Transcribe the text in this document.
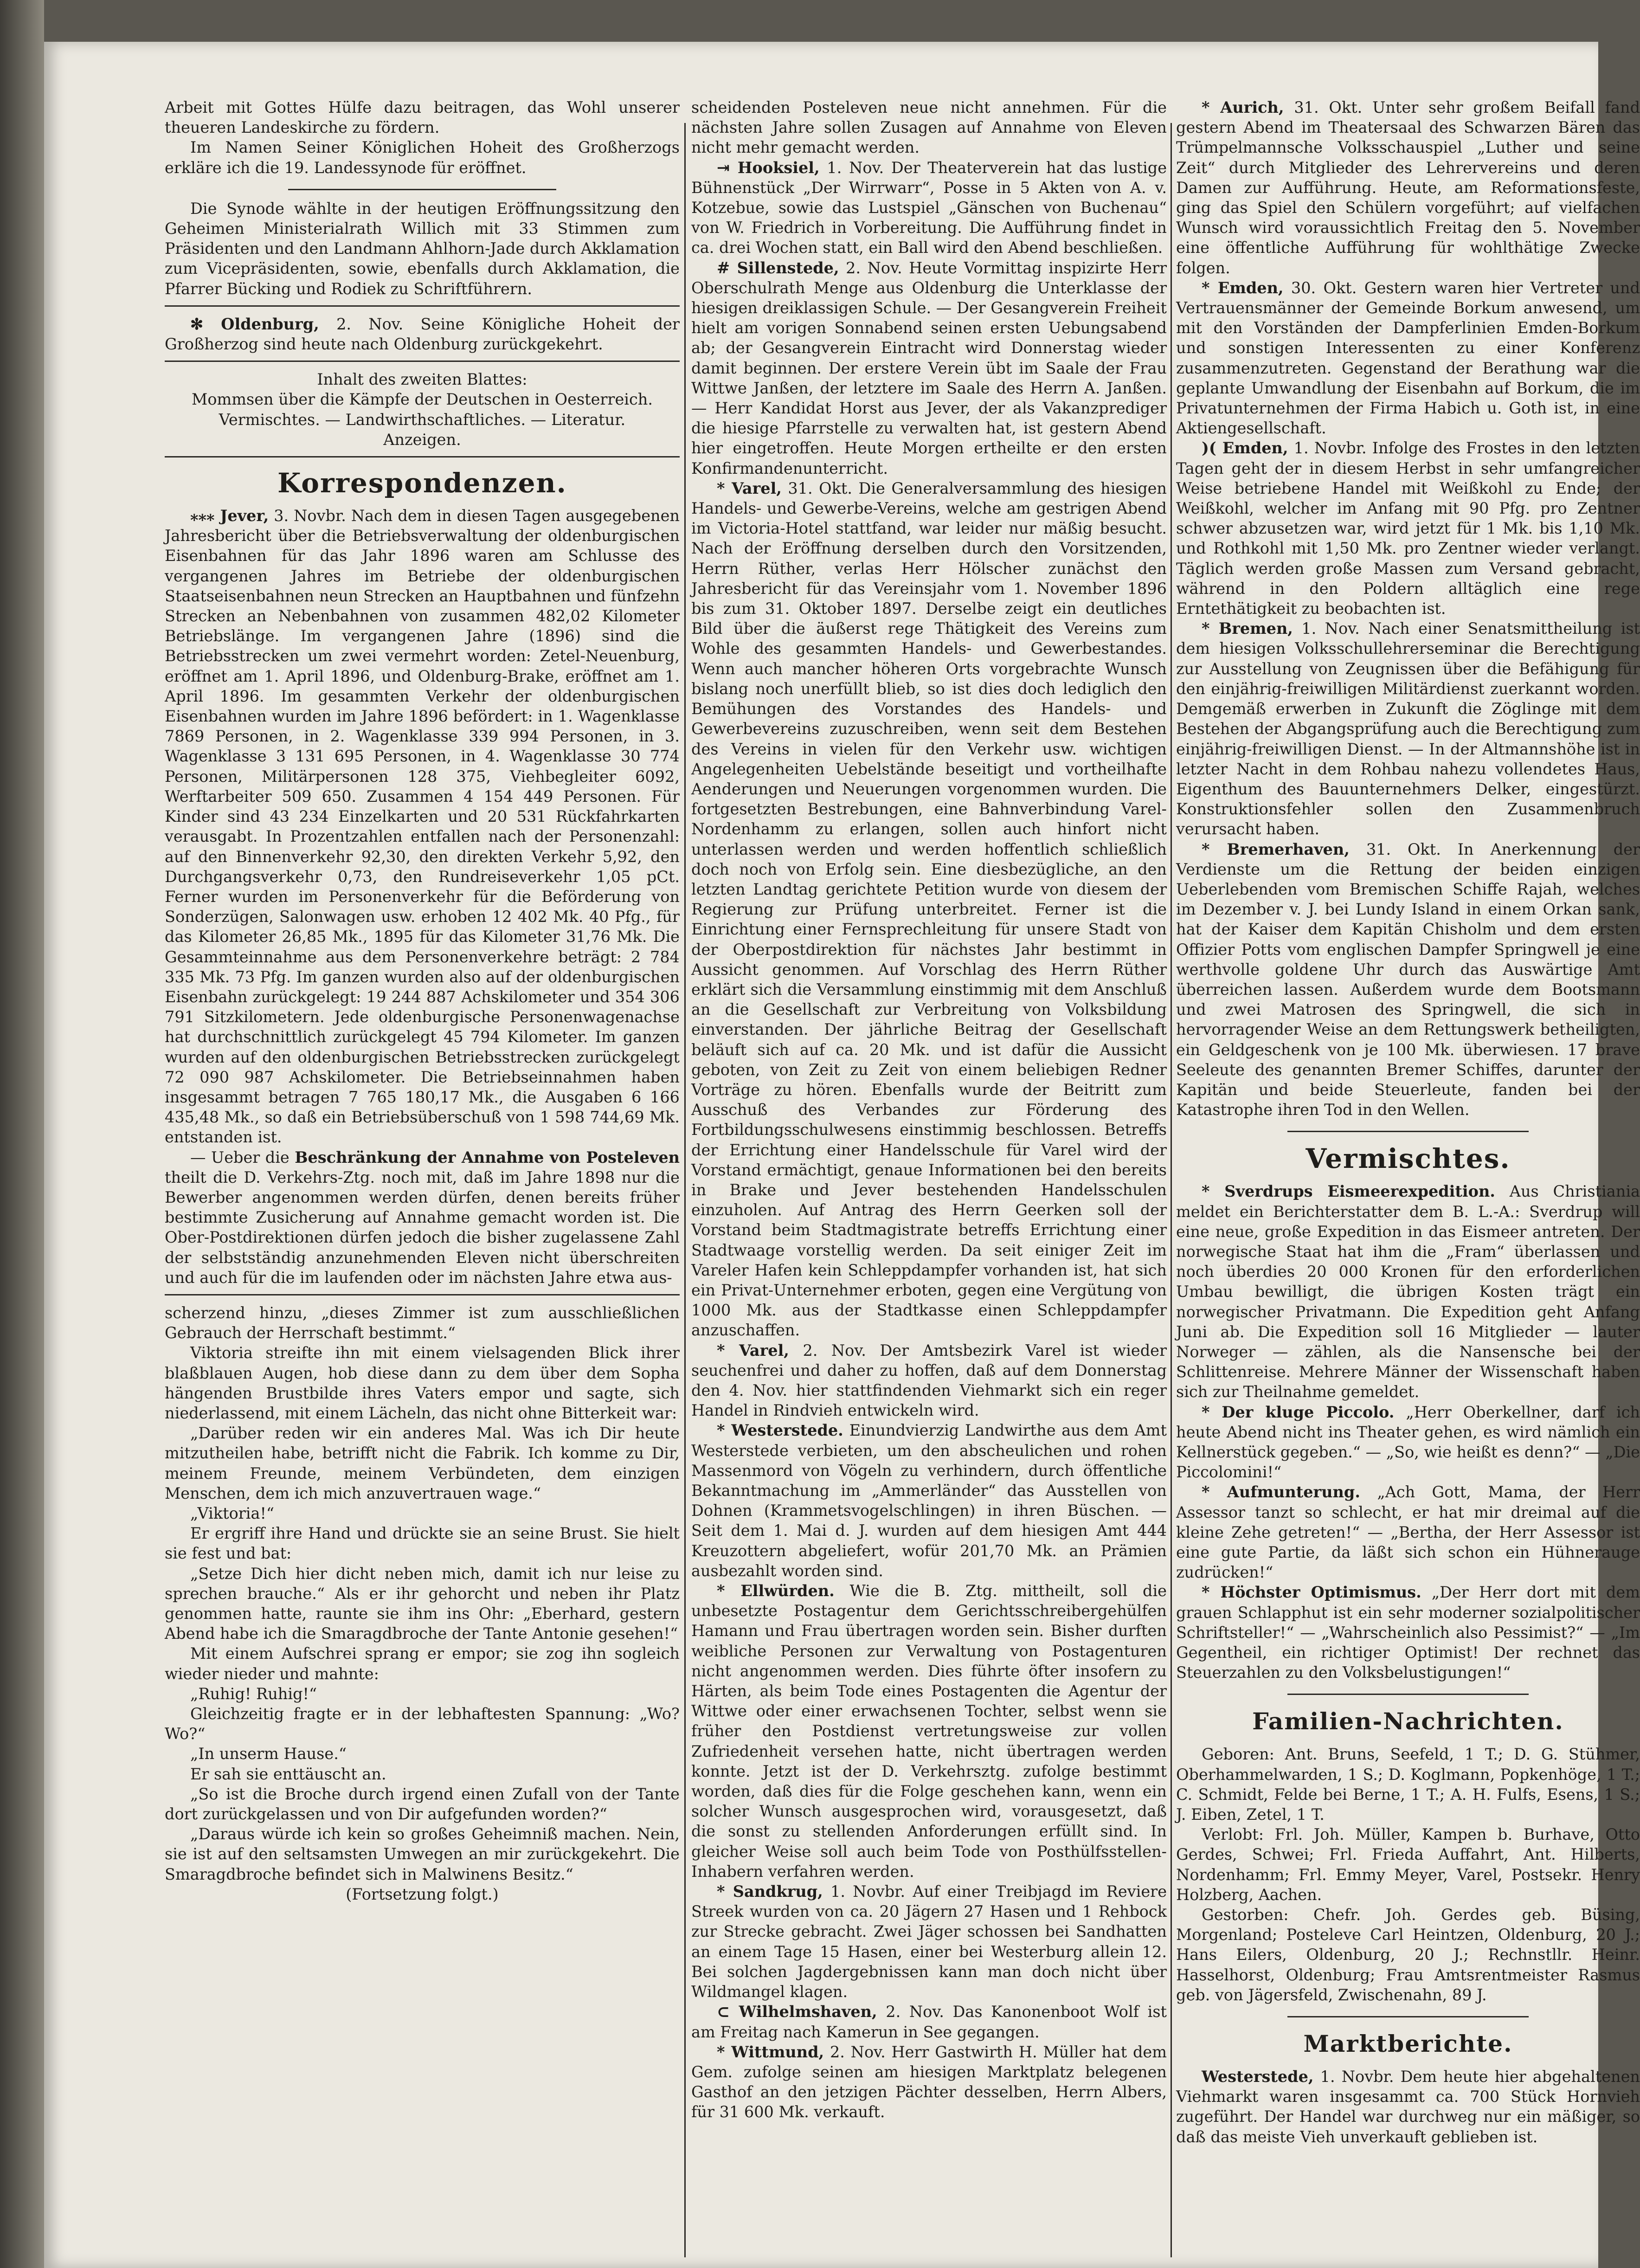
Arbeit mit Gottes Hülfe dazu beitragen, das Wohl unserer theueren Landeskirche zu fördern.

Im Namen Seiner Königlichen Hoheit des Großherzogs erkläre ich die 19. Landessynode für eröffnet.

Die Synode wählte in der heutigen Eröffnungssitzung den Geheimen Ministerialrath Willich mit 33 Stimmen zum Präsidenten und den Landmann Ahlhorn-Jade durch Akklamation zum Vicepräsidenten, sowie, ebenfalls durch Akklamation, die Pfarrer Bücking und Rodiek zu Schriftführern.

✻ Oldenburg, 2. Nov. Seine Königliche Hoheit der Großherzog sind heute nach Oldenburg zurückgekehrt.

Inhalt des zweiten Blattes:

Mommsen über die Kämpfe der Deutschen in Oesterreich.

Vermischtes. — Landwirthschaftliches. — Literatur.

Anzeigen.

Korrespondenzen.

⁎⁎⁎ Jever, 3. Novbr. Nach dem in diesen Tagen ausgegebenen Jahresbericht über die Betriebsverwaltung der oldenburgischen Eisenbahnen für das Jahr 1896 waren am Schlusse des vergangenen Jahres im Betriebe der oldenburgischen Staatseisenbahnen neun Strecken an Hauptbahnen und fünfzehn Strecken an Nebenbahnen von zusammen 482,02 Kilometer Betriebslänge. Im vergangenen Jahre (1896) sind die Betriebsstrecken um zwei vermehrt worden: Zetel-Neuenburg, eröffnet am 1. April 1896, und Oldenburg-Brake, eröffnet am 1. April 1896. Im gesammten Verkehr der oldenburgischen Eisenbahnen wurden im Jahre 1896 befördert: in 1. Wagenklasse 7869 Personen, in 2. Wagenklasse 339 994 Personen, in 3. Wagenklasse 3 131 695 Personen, in 4. Wagenklasse 30 774 Personen, Militärpersonen 128 375, Viehbegleiter 6092, Werftarbeiter 509 650. Zusammen 4 154 449 Personen. Für Kinder sind 43 234 Einzelkarten und 20 531 Rückfahrkarten verausgabt. In Prozentzahlen entfallen nach der Personenzahl: auf den Binnenverkehr 92,30, den direkten Verkehr 5,92, den Durchgangsverkehr 0,73, den Rundreiseverkehr 1,05 pCt. Ferner wurden im Personenverkehr für die Beförderung von Sonderzügen, Salonwagen usw. erhoben 12 402 Mk. 40 Pfg., für das Kilometer 26,85 Mk., 1895 für das Kilometer 31,76 Mk. Die Gesammteinnahme aus dem Personenverkehre beträgt: 2 784 335 Mk. 73 Pfg. Im ganzen wurden also auf der oldenburgischen Eisenbahn zurückgelegt: 19 244 887 Achskilometer und 354 306 791 Sitzkilometern. Jede oldenburgische Personenwagenachse hat durchschnittlich zurückgelegt 45 794 Kilometer. Im ganzen wurden auf den oldenburgischen Betriebsstrecken zurückgelegt 72 090 987 Achskilometer. Die Betriebseinnahmen haben insgesammt betragen 7 765 180,17 Mk., die Ausgaben 6 166 435,48 Mk., so daß ein Betriebsüberschuß von 1 598 744,69 Mk. entstanden ist.

— Ueber die Beschränkung der Annahme von Posteleven theilt die D. Verkehrs-Ztg. noch mit, daß im Jahre 1898 nur die Bewerber angenommen werden dürfen, denen bereits früher bestimmte Zusicherung auf Annahme gemacht worden ist. Die Ober-Postdirektionen dürfen jedoch die bisher zugelassene Zahl der selbstständig anzunehmenden Eleven nicht überschreiten und auch für die im laufenden oder im nächsten Jahre etwa aus-

scherzend hinzu, „dieses Zimmer ist zum ausschließlichen Gebrauch der Herrschaft bestimmt.“

Viktoria streifte ihn mit einem vielsagenden Blick ihrer blaßblauen Augen, hob diese dann zu dem über dem Sopha hängenden Brustbilde ihres Vaters empor und sagte, sich niederlassend, mit einem Lächeln, das nicht ohne Bitterkeit war:

„Darüber reden wir ein anderes Mal. Was ich Dir heute mitzutheilen habe, betrifft nicht die Fabrik. Ich komme zu Dir, meinem Freunde, meinem Verbündeten, dem einzigen Menschen, dem ich mich anzuvertrauen wage.“

„Viktoria!“

Er ergriff ihre Hand und drückte sie an seine Brust. Sie hielt sie fest und bat:

„Setze Dich hier dicht neben mich, damit ich nur leise zu sprechen brauche.“ Als er ihr gehorcht und neben ihr Platz genommen hatte, raunte sie ihm ins Ohr: „Eberhard, gestern Abend habe ich die Smaragdbroche der Tante Antonie gesehen!“

Mit einem Aufschrei sprang er empor; sie zog ihn sogleich wieder nieder und mahnte:

„Ruhig! Ruhig!“

Gleichzeitig fragte er in der lebhaftesten Spannung: „Wo? Wo?“

„In unserm Hause.“

Er sah sie enttäuscht an.

„So ist die Broche durch irgend einen Zufall von der Tante dort zurückgelassen und von Dir aufgefunden worden?“

„Daraus würde ich kein so großes Geheimniß machen. Nein, sie ist auf den seltsamsten Umwegen an mir zurückgekehrt. Die Smaragdbroche befindet sich in Malwinens Besitz.“

(Fortsetzung folgt.)

scheidenden Posteleven neue nicht annehmen. Für die nächsten Jahre sollen Zusagen auf Annahme von Eleven nicht mehr gemacht werden.

⇥ Hooksiel, 1. Nov. Der Theaterverein hat das lustige Bühnenstück „Der Wirrwarr“, Posse in 5 Akten von A. v. Kotzebue, sowie das Lustspiel „Gänschen von Buchenau“ von W. Friedrich in Vorbereitung. Die Aufführung findet in ca. drei Wochen statt, ein Ball wird den Abend beschließen.

# Sillenstede, 2. Nov. Heute Vormittag inspizirte Herr Oberschulrath Menge aus Oldenburg die Unterklasse der hiesigen dreiklassigen Schule. — Der Gesangverein Freiheit hielt am vorigen Sonnabend seinen ersten Uebungsabend ab; der Gesangverein Eintracht wird Donnerstag wieder damit beginnen. Der erstere Verein übt im Saale der Frau Wittwe Janßen, der letztere im Saale des Herrn A. Janßen. — Herr Kandidat Horst aus Jever, der als Vakanzprediger die hiesige Pfarrstelle zu verwalten hat, ist gestern Abend hier eingetroffen. Heute Morgen ertheilte er den ersten Konfirmandenunterricht.

* Varel, 31. Okt. Die Generalversammlung des hiesigen Handels- und Gewerbe-Vereins, welche am gestrigen Abend im Victoria-Hotel stattfand, war leider nur mäßig besucht. Nach der Eröffnung derselben durch den Vorsitzenden, Herrn Rüther, verlas Herr Hölscher zunächst den Jahresbericht für das Vereinsjahr vom 1. November 1896 bis zum 31. Oktober 1897. Derselbe zeigt ein deutliches Bild über die äußerst rege Thätigkeit des Vereins zum Wohle des gesammten Handels- und Gewerbestandes. Wenn auch mancher höheren Orts vorgebrachte Wunsch bislang noch unerfüllt blieb, so ist dies doch lediglich den Bemühungen des Vorstandes des Handels- und Gewerbevereins zuzuschreiben, wenn seit dem Bestehen des Vereins in vielen für den Verkehr usw. wichtigen Angelegenheiten Uebelstände beseitigt und vortheilhafte Aenderungen und Neuerungen vorgenommen wurden. Die fortgesetzten Bestrebungen, eine Bahnverbindung Varel-Nordenhamm zu erlangen, sollen auch hinfort nicht unterlassen werden und werden hoffentlich schließlich doch noch von Erfolg sein. Eine diesbezügliche, an den letzten Landtag gerichtete Petition wurde von diesem der Regierung zur Prüfung unterbreitet. Ferner ist die Einrichtung einer Fernsprechleitung für unsere Stadt von der Oberpostdirektion für nächstes Jahr bestimmt in Aussicht genommen. Auf Vorschlag des Herrn Rüther erklärt sich die Versammlung einstimmig mit dem Anschluß an die Gesellschaft zur Verbreitung von Volksbildung einverstanden. Der jährliche Beitrag der Gesellschaft beläuft sich auf ca. 20 Mk. und ist dafür die Aussicht geboten, von Zeit zu Zeit von einem beliebigen Redner Vorträge zu hören. Ebenfalls wurde der Beitritt zum Ausschuß des Verbandes zur Förderung des Fortbildungsschulwesens einstimmig beschlossen. Betreffs der Errichtung einer Handelsschule für Varel wird der Vorstand ermächtigt, genaue Informationen bei den bereits in Brake und Jever bestehenden Handelsschulen einzuholen. Auf Antrag des Herrn Geerken soll der Vorstand beim Stadtmagistrate betreffs Errichtung einer Stadtwaage vorstellig werden. Da seit einiger Zeit im Vareler Hafen kein Schleppdampfer vorhanden ist, hat sich ein Privat-Unternehmer erboten, gegen eine Vergütung von 1000 Mk. aus der Stadtkasse einen Schleppdampfer anzuschaffen.

* Varel, 2. Nov. Der Amtsbezirk Varel ist wieder seuchenfrei und daher zu hoffen, daß auf dem Donnerstag den 4. Nov. hier stattfindenden Viehmarkt sich ein reger Handel in Rindvieh entwickeln wird.

* Westerstede. Einundvierzig Landwirthe aus dem Amt Westerstede verbieten, um den abscheulichen und rohen Massenmord von Vögeln zu verhindern, durch öffentliche Bekanntmachung im „Ammerländer“ das Ausstellen von Dohnen (Krammetsvogelschlingen) in ihren Büschen. — Seit dem 1. Mai d. J. wurden auf dem hiesigen Amt 444 Kreuzottern abgeliefert, wofür 201,70 Mk. an Prämien ausbezahlt worden sind.

* Ellwürden. Wie die B. Ztg. mittheilt, soll die unbesetzte Postagentur dem Gerichtsschreibergehülfen Hamann und Frau übertragen worden sein. Bisher durften weibliche Personen zur Verwaltung von Postagenturen nicht angenommen werden. Dies führte öfter insofern zu Härten, als beim Tode eines Postagenten die Agentur der Wittwe oder einer erwachsenen Tochter, selbst wenn sie früher den Postdienst vertretungsweise zur vollen Zufriedenheit versehen hatte, nicht übertragen werden konnte. Jetzt ist der D. Verkehrsztg. zufolge bestimmt worden, daß dies für die Folge geschehen kann, wenn ein solcher Wunsch ausgesprochen wird, vorausgesetzt, daß die sonst zu stellenden Anforderungen erfüllt sind. In gleicher Weise soll auch beim Tode von Posthülfsstellen-Inhabern verfahren werden.

* Sandkrug, 1. Novbr. Auf einer Treibjagd im Reviere Streek wurden von ca. 20 Jägern 27 Hasen und 1 Rehbock zur Strecke gebracht. Zwei Jäger schossen bei Sandhatten an einem Tage 15 Hasen, einer bei Westerburg allein 12. Bei solchen Jagdergebnissen kann man doch nicht über Wildmangel klagen.

⊂ Wilhelmshaven, 2. Nov. Das Kanonenboot Wolf ist am Freitag nach Kamerun in See gegangen.

* Wittmund, 2. Nov. Herr Gastwirth H. Müller hat dem Gem. zufolge seinen am hiesigen Marktplatz belegenen Gasthof an den jetzigen Pächter desselben, Herrn Albers, für 31 600 Mk. verkauft.

* Aurich, 31. Okt. Unter sehr großem Beifall fand gestern Abend im Theatersaal des Schwarzen Bären das Trümpelmannsche Volksschauspiel „Luther und seine Zeit“ durch Mitglieder des Lehrervereins und deren Damen zur Aufführung. Heute, am Reformationsfeste, ging das Spiel den Schülern vorgeführt; auf vielfachen Wunsch wird voraussichtlich Freitag den 5. November eine öffentliche Aufführung für wohlthätige Zwecke folgen.

* Emden, 30. Okt. Gestern waren hier Vertreter und Vertrauensmänner der Gemeinde Borkum anwesend, um mit den Vorständen der Dampferlinien Emden-Borkum und sonstigen Interessenten zu einer Konferenz zusammenzutreten. Gegenstand der Berathung war die geplante Umwandlung der Eisenbahn auf Borkum, die im Privatunternehmen der Firma Habich u. Goth ist, in eine Aktiengesellschaft.

)( Emden, 1. Novbr. Infolge des Frostes in den letzten Tagen geht der in diesem Herbst in sehr umfangreicher Weise betriebene Handel mit Weißkohl zu Ende; der Weißkohl, welcher im Anfang mit 90 Pfg. pro Zentner schwer abzusetzen war, wird jetzt für 1 Mk. bis 1,10 Mk. und Rothkohl mit 1,50 Mk. pro Zentner wieder verlangt. Täglich werden große Massen zum Versand gebracht, während in den Poldern alltäglich eine rege Erntethätigkeit zu beobachten ist.

* Bremen, 1. Nov. Nach einer Senatsmittheilung ist dem hiesigen Volksschullehrerseminar die Berechtigung zur Ausstellung von Zeugnissen über die Befähigung für den einjährig-freiwilligen Militärdienst zuerkannt worden. Demgemäß erwerben in Zukunft die Zöglinge mit dem Bestehen der Abgangsprüfung auch die Berechtigung zum einjährig-freiwilligen Dienst. — In der Altmannshöhe ist in letzter Nacht in dem Rohbau nahezu vollendetes Haus, Eigenthum des Bauunternehmers Delker, eingestürzt. Konstruktionsfehler sollen den Zusammenbruch verursacht haben.

* Bremerhaven, 31. Okt. In Anerkennung der Verdienste um die Rettung der beiden einzigen Ueberlebenden vom Bremischen Schiffe Rajah, welches im Dezember v. J. bei Lundy Island in einem Orkan sank, hat der Kaiser dem Kapitän Chisholm und dem ersten Offizier Potts vom englischen Dampfer Springwell je eine werthvolle goldene Uhr durch das Auswärtige Amt überreichen lassen. Außerdem wurde dem Bootsmann und zwei Matrosen des Springwell, die sich in hervorragender Weise an dem Rettungswerk betheiligten, ein Geldgeschenk von je 100 Mk. überwiesen. 17 brave Seeleute des genannten Bremer Schiffes, darunter der Kapitän und beide Steuerleute, fanden bei der Katastrophe ihren Tod in den Wellen.

Vermischtes.

* Sverdrups Eismeerexpedition. Aus Christiania meldet ein Berichterstatter dem B. L.-A.: Sverdrup will eine neue, große Expedition in das Eismeer antreten. Der norwegische Staat hat ihm die „Fram“ überlassen und noch überdies 20 000 Kronen für den erforderlichen Umbau bewilligt, die übrigen Kosten trägt ein norwegischer Privatmann. Die Expedition geht Anfang Juni ab. Die Expedition soll 16 Mitglieder — lauter Norweger — zählen, als die Nansensche bei der Schlittenreise. Mehrere Männer der Wissenschaft haben sich zur Theilnahme gemeldet.

* Der kluge Piccolo. „Herr Oberkellner, darf ich heute Abend nicht ins Theater gehen, es wird nämlich ein Kellnerstück gegeben.“ — „So, wie heißt es denn?“ — „Die Piccolomini!“

* Aufmunterung. „Ach Gott, Mama, der Herr Assessor tanzt so schlecht, er hat mir dreimal auf die kleine Zehe getreten!“ — „Bertha, der Herr Assessor ist eine gute Partie, da läßt sich schon ein Hühnerauge zudrücken!“

* Höchster Optimismus. „Der Herr dort mit dem grauen Schlapphut ist ein sehr moderner sozialpolitischer Schriftsteller!“ — „Wahrscheinlich also Pessimist?“ — „Im Gegentheil, ein richtiger Optimist! Der rechnet das Steuerzahlen zu den Volksbelustigungen!“

Familien-Nachrichten.

Geboren: Ant. Bruns, Seefeld, 1 T.; D. G. Stühmer, Oberhammelwarden, 1 S.; D. Koglmann, Popkenhöge, 1 T.; C. Schmidt, Felde bei Berne, 1 T.; A. H. Fulfs, Esens, 1 S.; J. Eiben, Zetel, 1 T.

Verlobt: Frl. Joh. Müller, Kampen b. Burhave, Otto Gerdes, Schwei; Frl. Frieda Auffahrt, Ant. Hilberts, Nordenhamm; Frl. Emmy Meyer, Varel, Postsekr. Henry Holzberg, Aachen.

Gestorben: Chefr. Joh. Gerdes geb. Büsing, Morgenland; Posteleve Carl Heintzen, Oldenburg, 20 J.; Hans Eilers, Oldenburg, 20 J.; Rechnstllr. Heinr. Hasselhorst, Oldenburg; Frau Amtsrentmeister Rasmus geb. von Jägersfeld, Zwischenahn, 89 J.

Marktberichte.

Westerstede, 1. Novbr. Dem heute hier abgehaltenen Viehmarkt waren insgesammt ca. 700 Stück Hornvieh zugeführt. Der Handel war durchweg nur ein mäßiger, so daß das meiste Vieh unverkauft geblieben ist.
